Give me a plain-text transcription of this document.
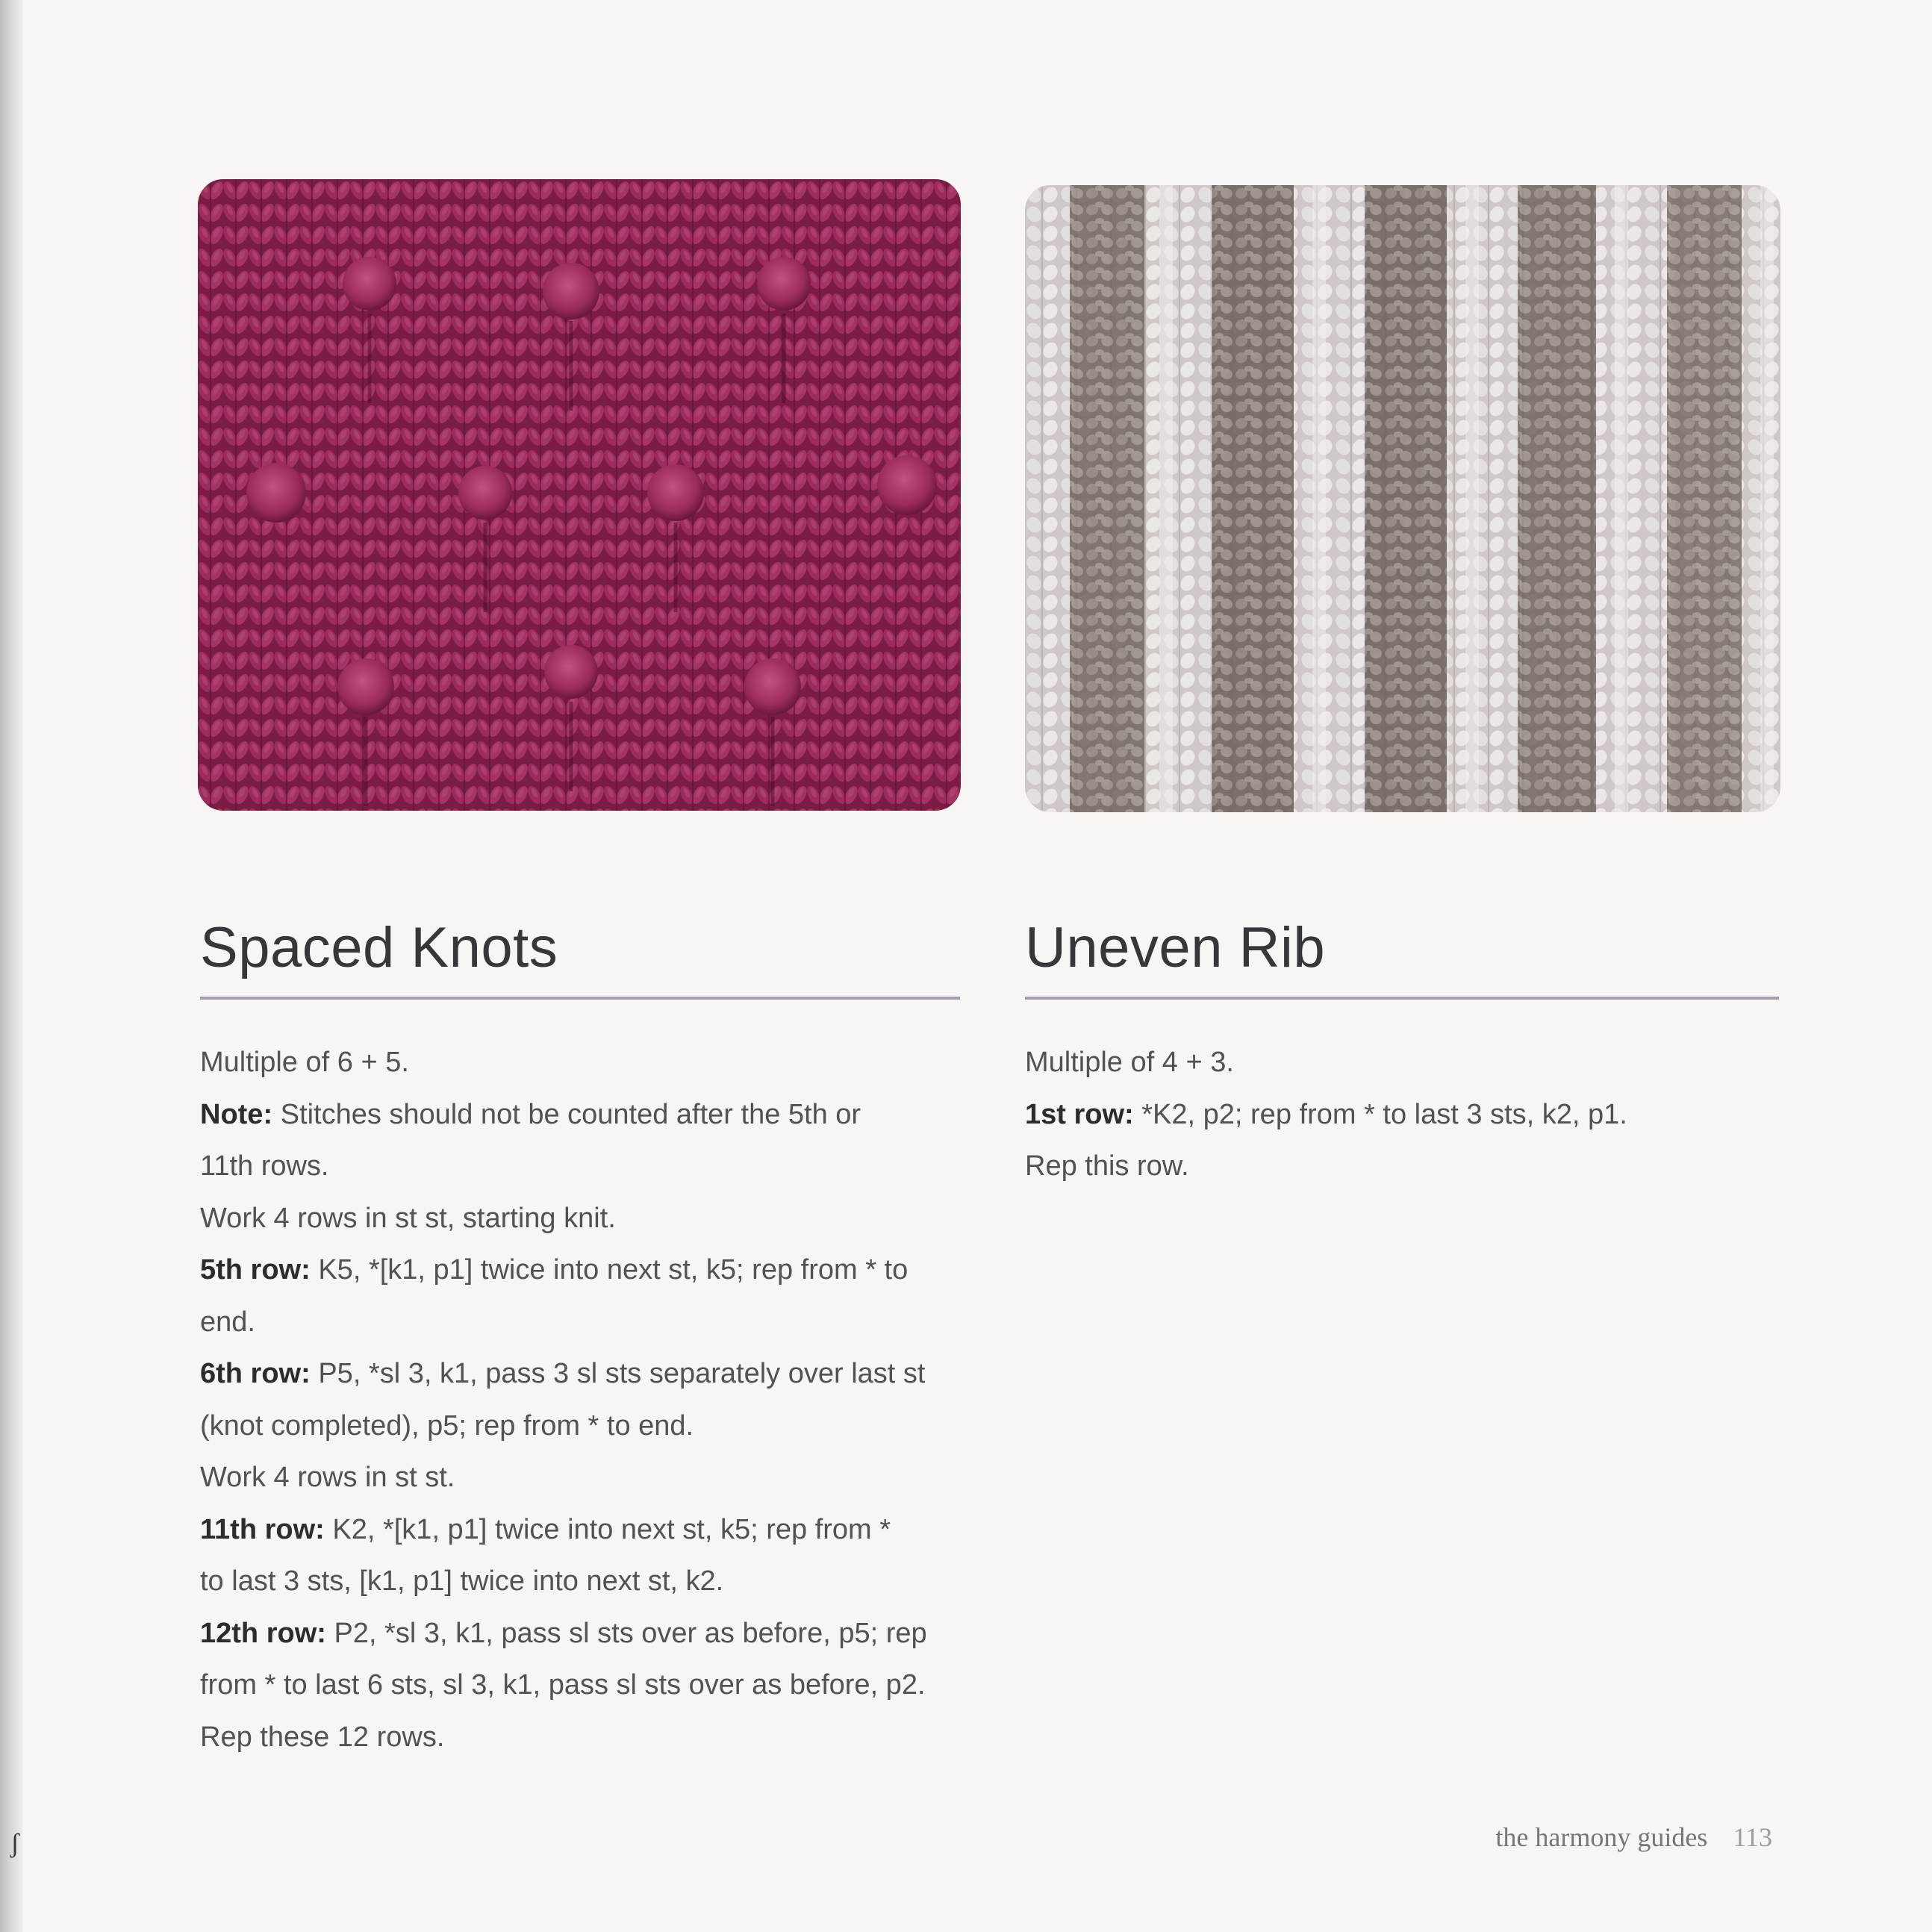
ʃ
Spaced Knots

Multiple of 6 + 5.

Note: Stitches should not be counted after the 5th or

11th rows.

Work 4 rows in st st, starting knit.

5th row: K5, *[k1, p1] twice into next st, k5; rep from * to

end.

6th row: P5, *sl 3, k1, pass 3 sl sts separately over last st

(knot completed), p5; rep from * to end.

Work 4 rows in st st.

11th row: K2, *[k1, p1] twice into next st, k5; rep from *

to last 3 sts, [k1, p1] twice into next st, k2.

12th row: P2, *sl 3, k1, pass sl sts over as before, p5; rep

from * to last 6 sts, sl 3, k1, pass sl sts over as before, p2.

Rep these 12 rows.

Uneven Rib

Multiple of 4 + 3.

1st row: *K2, p2; rep from * to last 3 sts, k2, p1.

Rep this row.

the harmony guides 113
